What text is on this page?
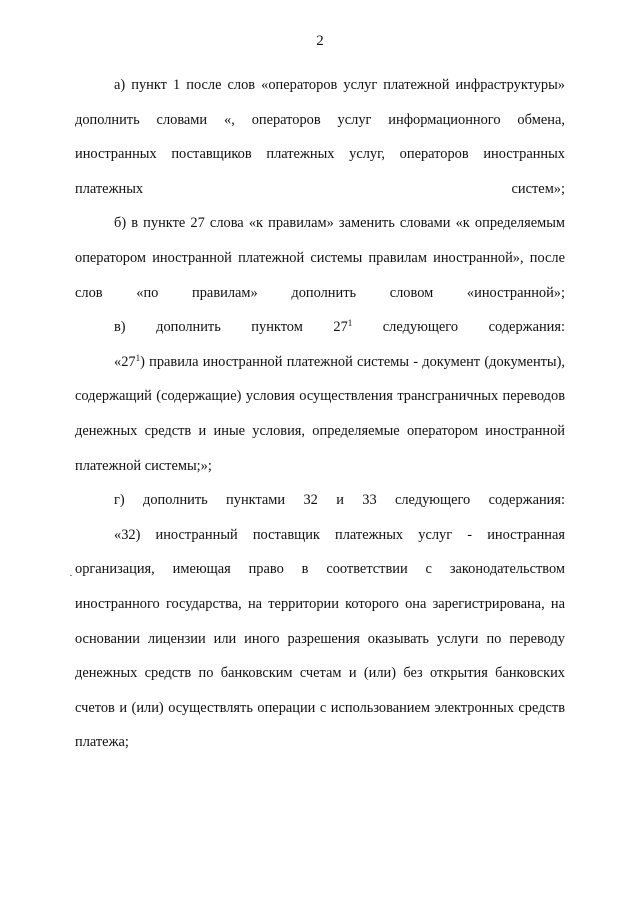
2

а) пункт 1 после слов «операторов услуг платежной инфраструктуры» дополнить словами «, операторов услуг информационного обмена, иностранных поставщиков платежных услуг, операторов иностранных платежных систем»;

б) в пункте 27 слова «к правилам» заменить словами «к определяемым оператором иностранной платежной системы правилам иностранной», после слов «по правилам» дополнить словом «иностранной»;

в) дополнить пунктом $27^1$ следующего содержания:

«$27^1$) правила иностранной платежной системы - документ (документы), содержащий (содержащие) условия осуществления трансграничных переводов денежных средств и иные условия, определяемые оператором иностранной платежной системы;»;

г) дополнить пунктами 32 и 33 следующего содержания:

«32) иностранный поставщик платежных услуг - иностранная организация, имеющая право в соответствии с законодательством иностранного государства, на территории которого она зарегистрирована, на основании лицензии или иного разрешения оказывать услуги по переводу денежных средств по банковским счетам и (или) без открытия банковских счетов и (или) осуществлять операции с использованием электронных средств платежа;
